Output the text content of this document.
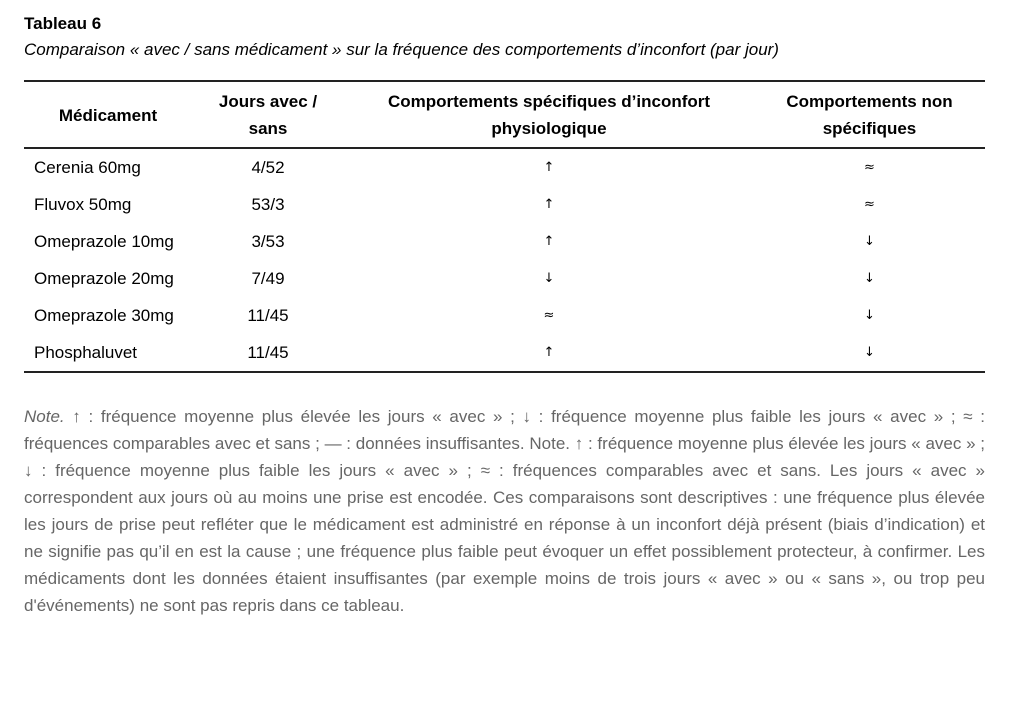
Tableau 6

Comparaison « avec / sans médicament » sur la fréquence des comportements d’inconfort (par jour)

Médicament	Jours avec / sans	Comportements spécifiques d’inconfort physiologique	Comportements non spécifiques
Cerenia 60mg	4/52	↑	≈
Fluvox 50mg	53/3	↑	≈
Omeprazole 10mg	3/53	↑	↓
Omeprazole 20mg	7/49	↓	↓
Omeprazole 30mg	11/45	≈	↓
Phosphaluvet	11/45	↑	↓

Note. ↑ : fréquence moyenne plus élevée les jours « avec » ; ↓ : fréquence moyenne plus faible les jours « avec » ; ≈ : fréquences comparables avec et sans ; — : données insuffisantes. Note. ↑ : fréquence moyenne plus élevée les jours « avec » ; ↓ : fréquence moyenne plus faible les jours « avec » ; ≈ : fréquences comparables avec et sans. Les jours « avec » correspondent aux jours où au moins une prise est encodée. Ces comparaisons sont descriptives : une fréquence plus élevée les jours de prise peut refléter que le médicament est administré en réponse à un inconfort déjà présent (biais d’indication) et ne signifie pas qu’il en est la cause ; une fréquence plus faible peut évoquer un effet possiblement protecteur, à confirmer. Les médicaments dont les données étaient insuffisantes (par exemple moins de trois jours « avec » ou « sans », ou trop peu d'événements) ne sont pas repris dans ce tableau.
